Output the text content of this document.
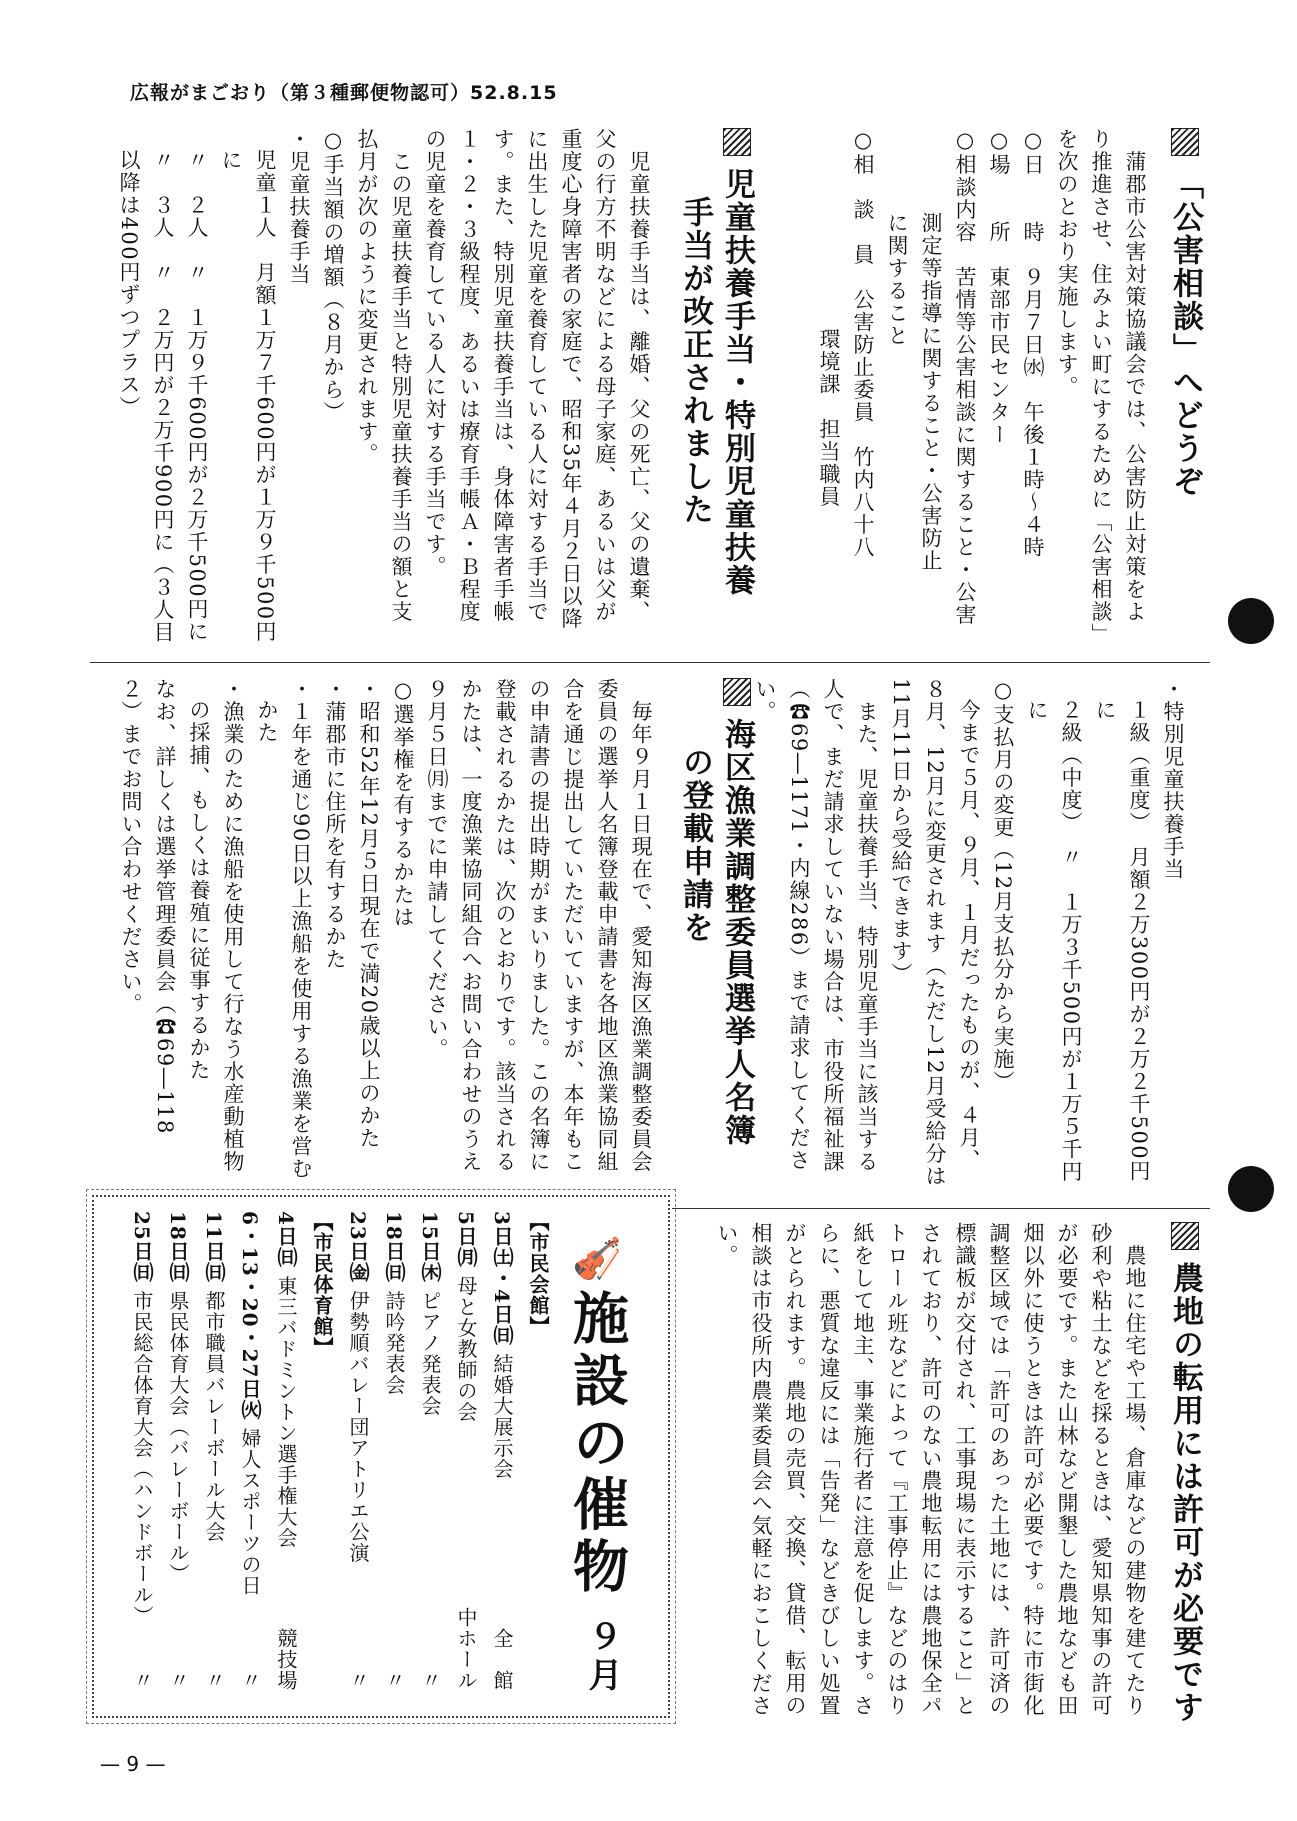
広報がまごおり（第３種郵便物認可）52.8.15
— 9 —
「公害相談」へどうぞ

　蒲郡市公害対策協議会では、公害防止対策をよ

り推進させ、住みよい町にするために「公害相談」

を次のとおり実施します。

○日　　時　９月７日㈬　午後１時〜４時

○場　　所　東部市民センター

○相談内容　苦情等公害相談に関すること・公害

測定等指導に関すること・公害防止

に関すること

○相　談　員　公害防止委員　竹内八十八

環境課　担当職員

児童扶養手当・特別児童扶養
手当が改正されました

　児童扶養手当は、離婚、父の死亡、父の遺棄、

父の行方不明などによる母子家庭、あるいは父が

重度心身障害者の家庭で、昭和35年４月２日以降

に出生した児童を養育している人に対する手当で

す。また、特別児童扶養手当は、身体障害者手帳

１・２・３級程度、あるいは療育手帳Ａ・Ｂ程度

の児童を養育している人に対する手当です。

　この児童扶養手当と特別児童扶養手当の額と支

払月が次のように変更されます。

○手当額の増額（８月から）

・児童扶養手当

児童１人　月額１万７千600円が１万９千500円に

〃　２人　〃　１万９千600円が２万千500円に

〃　３人　〃　２万円が２万千900円に（３人目

以降は400円ずつプラス）

・特別児童扶養手当

１級（重度）　月額２万300円が２万２千500円に

２級（中度）　〃　１万３千500円が１万５千円に

○支払月の変更（12月支払分から実施）

今まで５月、９月、１月だったものが、４月、

８月、12月に変更されます（ただし12月受給分は

11月11日から受給できます）

　また、児童扶養手当、特別児童手当に該当する

人で、まだ請求していない場合は、市役所福祉課

（☎69―1171・内線286）まで請求してくださ

い。

海区漁業調整委員選挙人名簿
の登載申請を

　毎年９月１日現在で、愛知海区漁業調整委員会

委員の選挙人名簿登載申請書を各地区漁業協同組

合を通じ提出していただいていますが、本年もこ

の申請書の提出時期がまいりました。この名簿に

登載されるかたは、次のとおりです。該当される

かたは、一度漁業協同組合へお問い合わせのうえ

９月５日㈪までに申請してください。

○選挙権を有するかたは

・昭和52年12月５日現在で満20歳以上のかた

・蒲郡市に住所を有するかた

・１年を通じ90日以上漁船を使用する漁業を営む

かた

・漁業のために漁船を使用して行なう水産動植物

の採捕、もしくは養殖に従事するかた

なお、詳しくは選挙管理委員会（☎69―118

２）までお問い合わせください。

農地の転用には許可が必要です

　農地に住宅や工場、倉庫などの建物を建てたり

砂利や粘土などを採るときは、愛知県知事の許可

が必要です。また山林など開墾した農地なども田

畑以外に使うときは許可が必要です。特に市街化

調整区域では「許可のあった土地には、許可済の

標識板が交付され、工事現場に表示すること」と

されており、許可のない農地転用には農地保全パ

トロール班などによって『工事停止』などのはり

紙をして地主、事業施行者に注意を促します。さ

らに、悪質な違反には「告発」などきびしい処置

がとられます。農地の売買、交換、貸借、転用の

相談は市役所内農業委員会へ気軽におこしくださ

い。

🎻
施設の催物
９月
【市民会館】
3日㈯・4日㈰ 結婚大展示会
全　館
5日㈪ 母と女教師の会
中ホール
15日㈭ ピアノ発表会
〃
18日㈰ 詩吟発表会
〃
23日㈮ 伊勢順バレー団アトリエ公演
〃
【市民体育館】
4日㈰ 東三バドミントン選手権大会
競技場
6・13・20・27日㈫ 婦人スポーツの日
〃
11日㈰ 都市職員バレーボール大会
〃
18日㈰ 県民体育大会（バレーボール）
〃
25日㈰ 市民総合体育大会（ハンドボール）
〃
